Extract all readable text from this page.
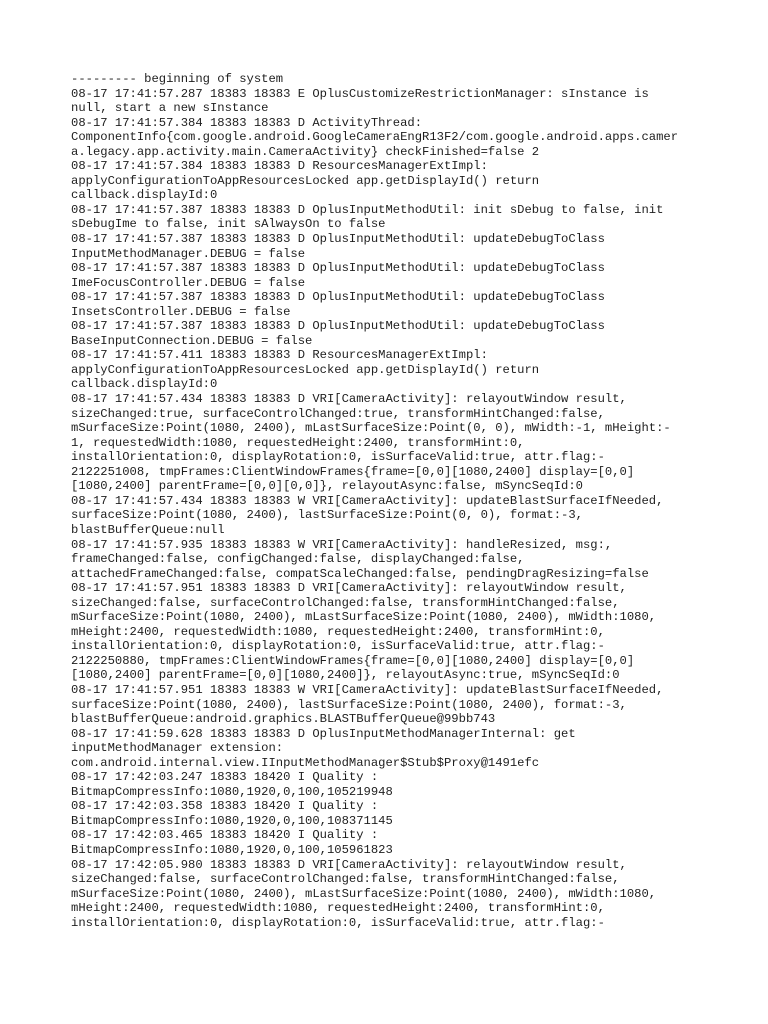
--------- beginning of system
08-17 17:41:57.287 18383 18383 E OplusCustomizeRestrictionManager: sInstance is
null, start a new sInstance
08-17 17:41:57.384 18383 18383 D ActivityThread:
ComponentInfo{com.google.android.GoogleCameraEngR13F2/com.google.android.apps.camer
a.legacy.app.activity.main.CameraActivity} checkFinished=false 2
08-17 17:41:57.384 18383 18383 D ResourcesManagerExtImpl:
applyConfigurationToAppResourcesLocked app.getDisplayId() return
callback.displayId:0
08-17 17:41:57.387 18383 18383 D OplusInputMethodUtil: init sDebug to false, init
sDebugIme to false, init sAlwaysOn to false
08-17 17:41:57.387 18383 18383 D OplusInputMethodUtil: updateDebugToClass
InputMethodManager.DEBUG = false
08-17 17:41:57.387 18383 18383 D OplusInputMethodUtil: updateDebugToClass
ImeFocusController.DEBUG = false
08-17 17:41:57.387 18383 18383 D OplusInputMethodUtil: updateDebugToClass
InsetsController.DEBUG = false
08-17 17:41:57.387 18383 18383 D OplusInputMethodUtil: updateDebugToClass
BaseInputConnection.DEBUG = false
08-17 17:41:57.411 18383 18383 D ResourcesManagerExtImpl:
applyConfigurationToAppResourcesLocked app.getDisplayId() return
callback.displayId:0
08-17 17:41:57.434 18383 18383 D VRI[CameraActivity]: relayoutWindow result,
sizeChanged:true, surfaceControlChanged:true, transformHintChanged:false,
mSurfaceSize:Point(1080, 2400), mLastSurfaceSize:Point(0, 0), mWidth:-1, mHeight:-
1, requestedWidth:1080, requestedHeight:2400, transformHint:0,
installOrientation:0, displayRotation:0, isSurfaceValid:true, attr.flag:-
2122251008, tmpFrames:ClientWindowFrames{frame=[0,0][1080,2400] display=[0,0]
[1080,2400] parentFrame=[0,0][0,0]}, relayoutAsync:false, mSyncSeqId:0
08-17 17:41:57.434 18383 18383 W VRI[CameraActivity]: updateBlastSurfaceIfNeeded,
surfaceSize:Point(1080, 2400), lastSurfaceSize:Point(0, 0), format:-3,
blastBufferQueue:null
08-17 17:41:57.935 18383 18383 W VRI[CameraActivity]: handleResized, msg:,
frameChanged:false, configChanged:false, displayChanged:false,
attachedFrameChanged:false, compatScaleChanged:false, pendingDragResizing=false
08-17 17:41:57.951 18383 18383 D VRI[CameraActivity]: relayoutWindow result,
sizeChanged:false, surfaceControlChanged:false, transformHintChanged:false,
mSurfaceSize:Point(1080, 2400), mLastSurfaceSize:Point(1080, 2400), mWidth:1080,
mHeight:2400, requestedWidth:1080, requestedHeight:2400, transformHint:0,
installOrientation:0, displayRotation:0, isSurfaceValid:true, attr.flag:-
2122250880, tmpFrames:ClientWindowFrames{frame=[0,0][1080,2400] display=[0,0]
[1080,2400] parentFrame=[0,0][1080,2400]}, relayoutAsync:true, mSyncSeqId:0
08-17 17:41:57.951 18383 18383 W VRI[CameraActivity]: updateBlastSurfaceIfNeeded,
surfaceSize:Point(1080, 2400), lastSurfaceSize:Point(1080, 2400), format:-3,
blastBufferQueue:android.graphics.BLASTBufferQueue@99bb743
08-17 17:41:59.628 18383 18383 D OplusInputMethodManagerInternal: get
inputMethodManager extension:
com.android.internal.view.IInputMethodManager$Stub$Proxy@1491efc
08-17 17:42:03.247 18383 18420 I Quality :
BitmapCompressInfo:1080,1920,0,100,105219948
08-17 17:42:03.358 18383 18420 I Quality :
BitmapCompressInfo:1080,1920,0,100,108371145
08-17 17:42:03.465 18383 18420 I Quality :
BitmapCompressInfo:1080,1920,0,100,105961823
08-17 17:42:05.980 18383 18383 D VRI[CameraActivity]: relayoutWindow result,
sizeChanged:false, surfaceControlChanged:false, transformHintChanged:false,
mSurfaceSize:Point(1080, 2400), mLastSurfaceSize:Point(1080, 2400), mWidth:1080,
mHeight:2400, requestedWidth:1080, requestedHeight:2400, transformHint:0,
installOrientation:0, displayRotation:0, isSurfaceValid:true, attr.flag:-
